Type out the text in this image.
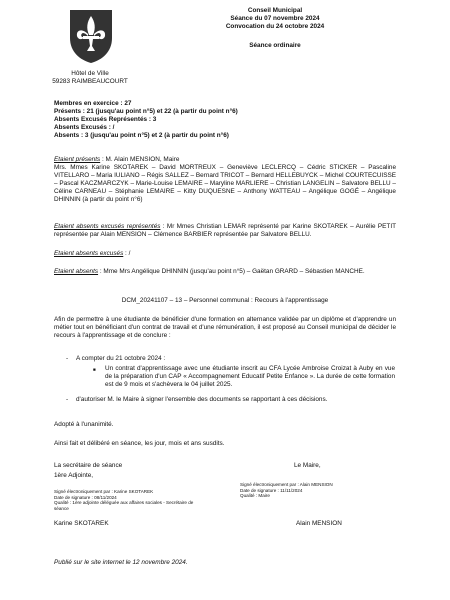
Hôtel de Ville
59283 RAIMBEAUCOURT
Conseil Municipal
Séance du 07 novembre 2024
Convocation du 24 octobre 2024
Séance ordinaire

Membres en exercice : 27

Présents : 21 (jusqu'au point n°5) et 22 (à partir du point n°6)

Absents Excusés Représentés : 3

Absents Excusés : /

Absents : 3 (jusqu'au point n°5) et 2 (à partir du point n°6)

Etaient présents : M. Alain MENSION, Maire

Mrs. Mmes Karine SKOTAREK – David MORTREUX – Geneviève LECLERCQ – Cédric STICKER – Pascaline VITELLARO – Maria IULIANO – Régis SALLEZ – Bernard TRICOT – Bernard HELLEBUYCK – Michel COURTECUISSE – Pascal KACZMARCZYK – Marie-Louise LEMAIRE – Maryline MARLIERE – Christian LANGELIN – Salvatore BELLU – Céline CARNEAU – Stéphanie LEMAIRE – Kitty DUQUESNE – Anthony WATTEAU – Angélique GOGÉ – Angélique DHINNIN (à partir du point n°6)

Etaient absents excusés représentés : Mr Mmes Christian LEMAR représenté par Karine SKOTAREK – Aurélie PETIT représentée par Alain MENSION – Clémence BARBIER représentée par Salvatore BELLU.
Etaient absents excusés : /
Etaient absents : Mme Mrs Angélique DHINNIN (jusqu'au point n°5) – Gaëtan GRARD – Sébastien MANCHE.
DCM_20241107 – 13 – Personnel communal : Recours à l'apprentissage
Afin de permettre à une étudiante de bénéficier d'une formation en alternance validée par un diplôme et d'apprendre un métier tout en bénéficiant d'un contrat de travail et d'une rémunération, il est proposé au Conseil municipal de décider le recours à l'apprentissage et de conclure :
-	A compter du 21 octobre 2024 :
■	Un contrat d'apprentissage avec une étudiante inscrit au CFA Lycée Ambroise Croizat à Auby en vue de la préparation d'un CAP « Accompagnement Educatif Petite Enfance ». La durée de cette formation est de 9 mois et s'achèvera le 04 juillet 2025.
-	d'autoriser M. le Maire à signer l'ensemble des documents se rapportant à ces décisions.
Adopté à l'unanimité.
Ainsi fait et délibéré en séance, les jour, mois et ans susdits.
La secrétaire de séance
1ère Adjointe,

Signé électroniquement par : Karine SKOTAREK

Date de signature : 08/11/2024

Qualité : 1ère adjointe déléguée aux affaires sociales - Secrétaire de séance

Karine SKOTAREK
Le Maire,

Signé électroniquement par : Alain MENSION

Date de signature : 11/11/2024

Qualité : Maire

Alain MENSION
Publié sur le site internet le 12 novembre 2024.
